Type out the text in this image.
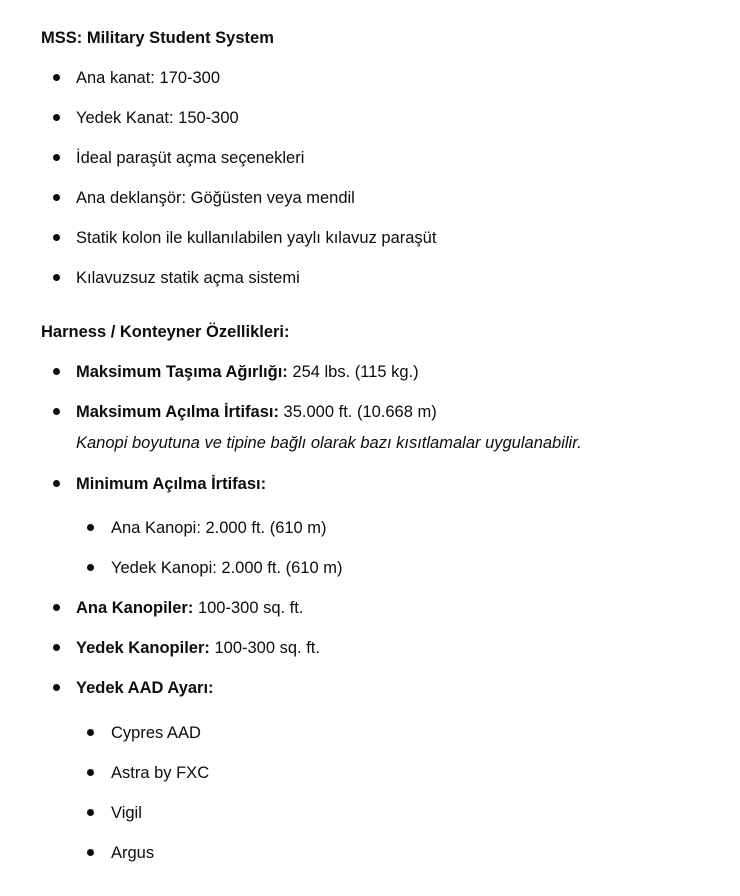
MSS: Military Student System
Ana kanat: 170-300
Yedek Kanat: 150-300
İdeal paraşüt açma seçenekleri
Ana deklanşör: Göğüsten veya mendil
Statik kolon ile kullanılabilen yaylı kılavuz paraşüt
Kılavuzsuz statik açma sistemi
Harness / Konteyner Özellikleri:
Maksimum Taşıma Ağırlığı: 254 lbs. (115 kg.)
Maksimum Açılma İrtifası: 35.000 ft. (10.668 m)
Kanopi boyutuna ve tipine bağlı olarak bazı kısıtlamalar uygulanabilir.
Minimum Açılma İrtifası:
Ana Kanopi: 2.000 ft. (610 m)
Yedek Kanopi: 2.000 ft. (610 m)
Ana Kanopiler: 100-300 sq. ft.
Yedek Kanopiler: 100-300 sq. ft.
Yedek AAD Ayarı:
Cypres AAD
Astra by FXC
Vigil
Argus
